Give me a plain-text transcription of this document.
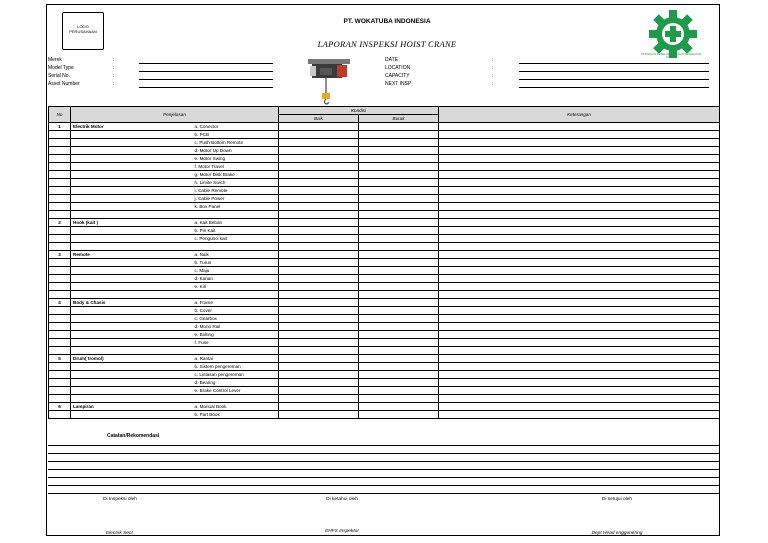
LOGO
PERUSAHAAN
PT. WOKATUBA INDONESIA
LAPORAN INSPEKSI HOIST CRANE
Merek
Model Type
Serial No.
Asset Number
:
:
:
:
DATE
LOCATION
CAPACITY
NEXT INSP
:
:
:
:
UTAMAKAN KESELAMATAN DAN KESEHATAN KERJA
No	Penjelasan		Kondisi		Keterangan
			Baik	Buruk	
1	Electrik Motor	a. Conector			
		b. PCB			
		c. Push Bottom Remote			
		d. Motor Up Down			
		e. Motor Swing			
		f. Motor Travel			
		g. Motor Disk Brake			
		h. Limite Swich			
		i. Cable Remote			
		j. Cable Power			
		k. Box Panel			

2	Hook (kait )	a. Kait Beban			
		b. Pin Kait			
		c. Pengunci kait			

3	Remote	a. Naik			
		b. Turun			
		c. Maju			
		d. Kanan			
		e. Kiri			

4	Body & Chasis	a. Frame			
		b. Cover			
		c. Gearbox			
		d. Mono Rail			
		e. Bolting			
		f. Fuse			

5	Drum( tromol)	a. Rantai			
		b. Sistem pengereman			
		c. Lintasan pengereman			
		d. Bearing			
		e. Brake Control Lever			

6	Lampiran	a. Manual Book			
		b. Part Book			
Catatan/Rekomendasi
Di Inspeksi oleh	Di ketahui oleh	Di setujui oleh
Electrik Sect.	EHFS Inspektor	Dept Head enggenering
